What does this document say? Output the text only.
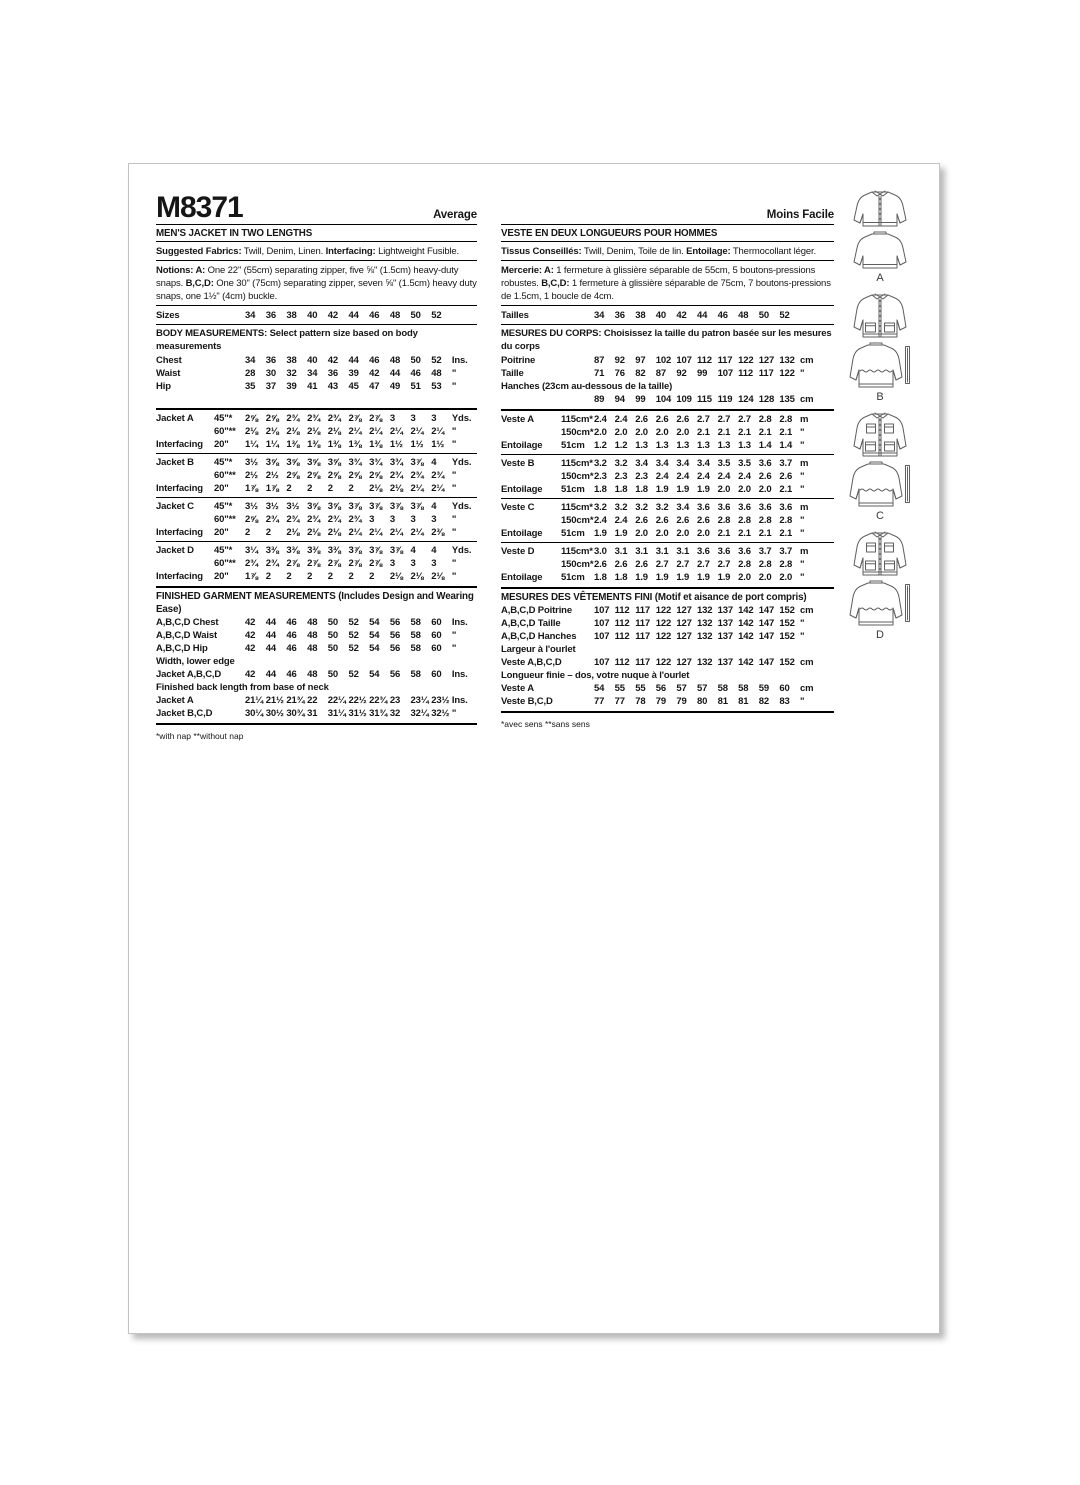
M8371	Average
MEN'S JACKET IN TWO LENGTHS
Suggested Fabrics: Twill, Denim, Linen. Interfacing: Lightweight Fusible.
Notions: A: One 22" (55cm) separating zipper, five ⅝" (1.5cm) heavy-duty snaps. B,C,D: One 30" (75cm) separating zipper, seven ⅝" (1.5cm) heavy duty snaps, one 1½" (4cm) buckle.
Sizes	34	36	38	40	42	44	46	48	50	52
BODY MEASUREMENTS: Select pattern size based on body measurements
Chest	34	36	38	40	42	44	46	48	50	52	Ins.
Waist	28	30	32	34	36	39	42	44	46	48	"
Hip	35	37	39	41	43	45	47	49	51	53	"
Jacket A	45"*	2⅝ 2⅝ 2¾ 2¾ 2¾ 2⅞ 2⅞ 3	3	3	Yds.
60"** 2⅛ 2⅛ 2⅛ 2⅛ 2⅛ 2¼ 2¼ 2¼ 2¼ 2¼ "
Interfacing	20"	1¼ 1¼ 1⅜ 1⅜ 1⅜ 1⅜ 1⅜ 1½ 1½ 1½ "
Jacket B	45"*	3½ 3⅝ 3⅝ 3⅝ 3⅝ 3¾ 3¾ 3¾ 3⅞ 4	Yds.
60"** 2½ 2½ 2⅝ 2⅝ 2⅝ 2⅝ 2⅝ 2¾ 2¾ 2¾ "
Interfacing	20"	1⅞ 1⅞ 2	2	2	2	2⅛ 2⅛ 2¼ 2¼ "
Jacket C	45"*	3½ 3½ 3½ 3⅝ 3⅝ 3⅞ 3⅞ 3⅞ 3⅞ 4	Yds.
60"** 2⅝ 2¾ 2¾ 2¾ 2¾ 2¾ 3	3	3	3	"
Interfacing	20"	2	2	2⅛ 2⅛ 2⅛ 2¼ 2¼ 2¼ 2¼ 2⅜ "
Jacket D	45"*	3¼ 3⅜ 3⅜ 3⅜ 3⅜ 3⅞ 3⅞ 3⅞ 4	4	Yds.
60"** 2¾ 2¾ 2⅞ 2⅞ 2⅞ 2⅞ 2⅞ 3	3	3	"
Interfacing	20"	1⅞ 2	2	2	2	2	2	2⅛ 2⅛ 2⅛ "
FINISHED GARMENT MEASUREMENTS (Includes Design and Wearing Ease)
A,B,C,D Chest	42	44	46	48	50	52	54	56	58	60	Ins.
A,B,C,D Waist	42	44	46	48	50	52	54	56	58	60	"
A,B,C,D Hip	42	44	46	48	50	52	54	56	58	60	"
Width, lower edge
Jacket A,B,C,D	42	44	46	48	50	52	54	56	58	60	Ins.
Finished back length from base of neck
Jacket A	21¼ 21½ 21¾ 22	22¼ 22½ 22¾ 23	23¼ 23½ Ins.
Jacket B,C,D	30¼ 30½ 30¾ 31	31¼ 31½ 31¾ 32	32¼ 32½ "
*with nap **without nap
Moins Facile
VESTE EN DEUX LONGUEURS POUR HOMMES
Tissus Conseillés: Twill, Denim, Toile de lin. Entoilage: Thermocollant léger.
Mercerie: A: 1 fermeture à glissière séparable de 55cm, 5 boutons-pressions robustes. B,C,D: 1 fermeture à glissière séparable de 75cm, 7 boutons-pressions de 1.5cm, 1 boucle de 4cm.
Tailles	34	36	38	40	42	44	46	48	50	52
MESURES DU CORPS: Choisissez la taille du patron basée sur les mesures du corps
Poitrine	87	92	97	102 107 112 117 122 127 132 cm
Taille	71	76	82	87	92	99	107 112 117 122 "
Hanches (23cm au-dessous de la taille)
89	94	99	104 109 115 119 124 128 135 cm
Veste A	115cm* 2.4 2.4 2.6 2.6 2.6 2.7 2.7 2.7 2.8 2.8 m
150cm* 2.0 2.0 2.0 2.0 2.0 2.1 2.1 2.1 2.1 2.1 "
Entoilage	51cm 1.2 1.2 1.3 1.3 1.3 1.3 1.3 1.3 1.4 1.4 "
Veste B	115cm* 3.2 3.2 3.4 3.4 3.4 3.4 3.5 3.5 3.6 3.7 m
150cm* 2.3 2.3 2.3 2.4 2.4 2.4 2.4 2.4 2.6 2.6 "
Entoilage	51cm 1.8 1.8 1.8 1.9 1.9 1.9 2.0 2.0 2.0 2.1 "
Veste C	115cm* 3.2 3.2 3.2 3.2 3.4 3.6 3.6 3.6 3.6 3.6 m
150cm* 2.4 2.4 2.6 2.6 2.6 2.6 2.8 2.8 2.8 2.8 "
Entoilage	51cm 1.9 1.9 2.0 2.0 2.0 2.0 2.1 2.1 2.1 2.1 "
Veste D	115cm* 3.0 3.1 3.1 3.1 3.1 3.6 3.6 3.6 3.7 3.7 m
150cm* 2.6 2.6 2.6 2.7 2.7 2.7 2.7 2.8 2.8 2.8 "
Entoilage	51cm 1.8 1.8 1.9 1.9 1.9 1.9 1.9 2.0 2.0 2.0 "
MESURES DES VÊTEMENTS FINI (Motif et aisance de port compris)
A,B,C,D Poitrine	107 112 117 122 127 132 137 142 147 152 cm
A,B,C,D Taille	107 112 117 122 127 132 137 142 147 152 "
A,B,C,D Hanches	107 112 117 122 127 132 137 142 147 152 "
Largeur à l'ourlet
Veste A,B,C,D	107 112 117 122 127 132 137 142 147 152 cm
Longueur finie – dos, votre nuque à l'ourlet
Veste A	54	55	55	56	57	57	58	58	59	60	cm
Veste B,C,D	77	77	78	79	79	80	81	81	82	83	"
*avec sens **sans sens
A
B
C
D
